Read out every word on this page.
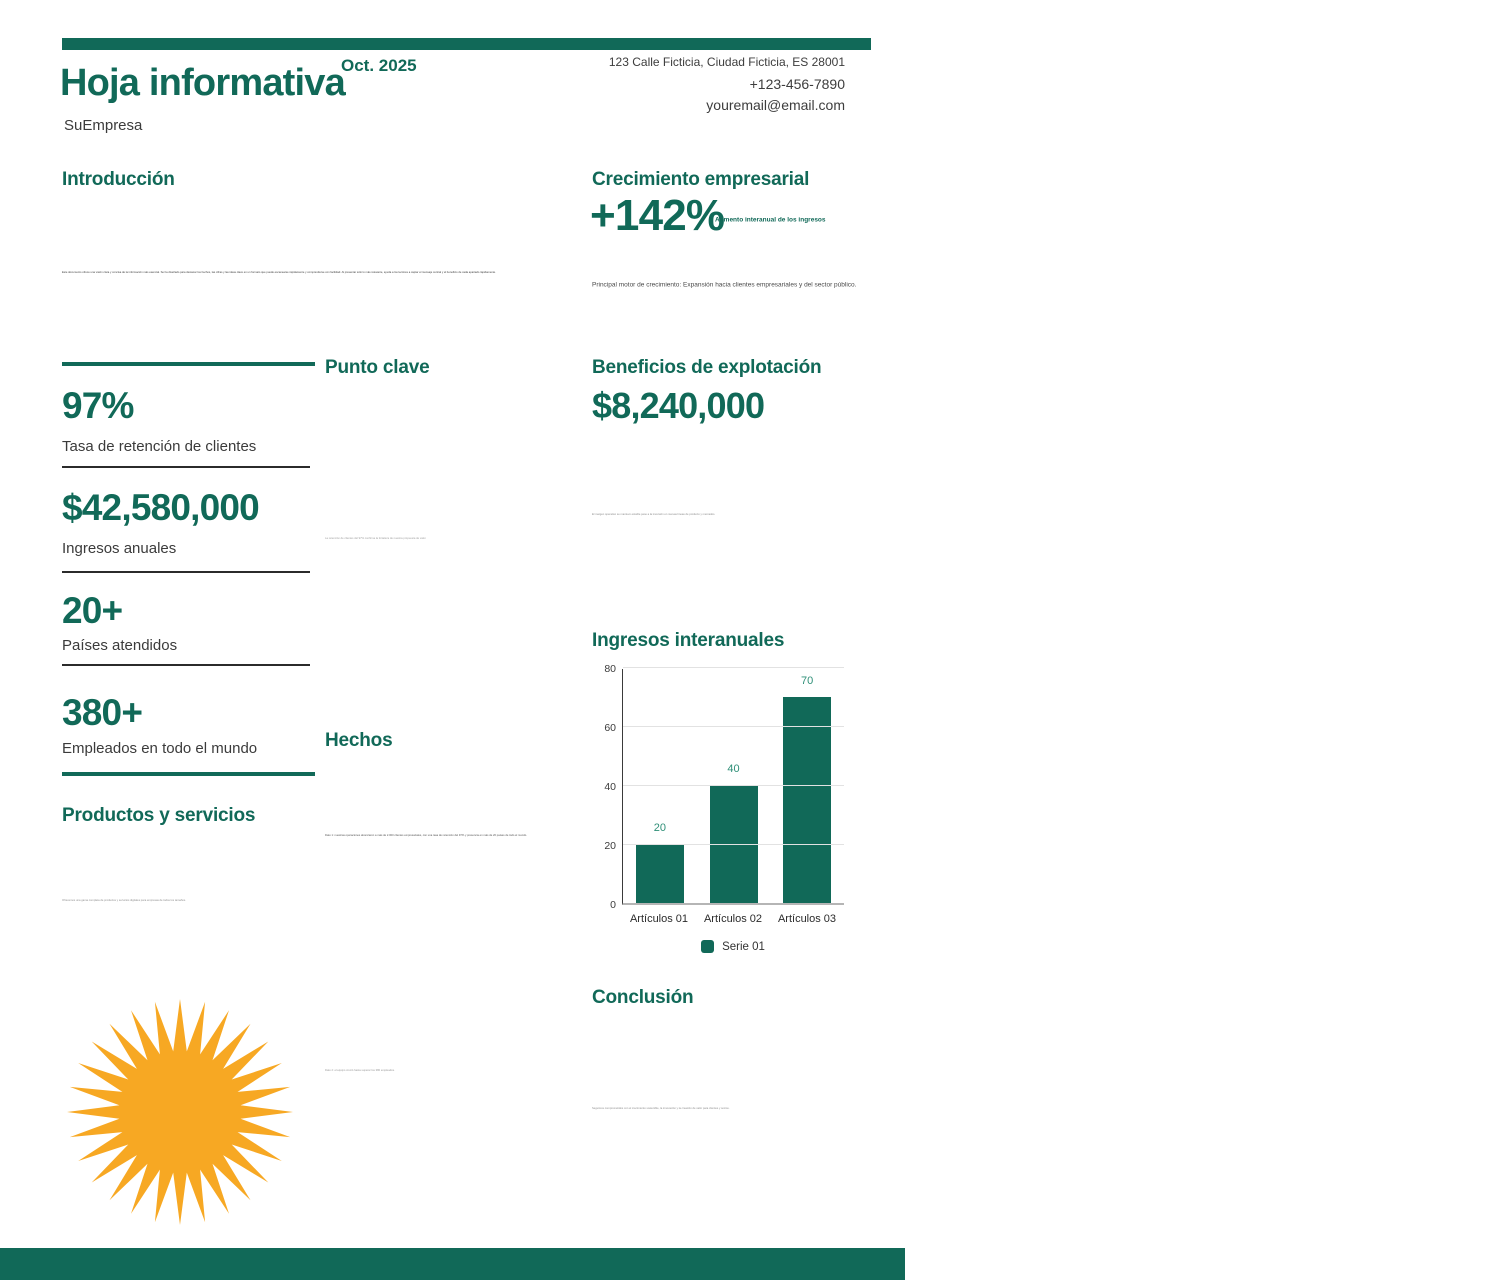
Oct. 2025
Hoja informativa	123 Calle Ficticia, Ciudad Ficticia, ES 28001
+123-456-7890
youremail@email.com
SuEmpresa
Introducción
Este documento ofrece una visión clara y concisa de la información más esencial. Se ha diseñado para destacar los hechos, las cifras y las ideas clave en un formato que puede escanearse rápidamente y comprenderse con facilidad. Al presentar sólo lo más relevante, ayuda a los lectores a captar el mensaje central y el beneficio de cada apartado rápidamente.
Crecimiento empresarial
+142%
Aumento interanual de los ingresos
Principal motor de crecimiento: Expansión hacia clientes empresariales y del sector público.
97%
Tasa de retención de clientes
$42,580,000
Ingresos anuales
20+
Países atendidos
380+
Empleados en todo el mundo
Punto clave
La retención de clientes del 97% confirma la fortaleza de nuestra propuesta de valor.
Beneficios de explotación
$8,240,000
El margen operativo se mantuvo estable pese a la inversión en nuevas líneas de producto y mercados.
Hechos
Dato 1: nuestras operaciones alcanzaron a más de 2.000 clientes empresariales, con una tasa de retención del 97% y presencia en más de 20 países de todo el mundo.
Dato 2: el equipo creció hasta superar los 380 empleados.
Productos y servicios
Ofrecemos una gama completa de productos y servicios digitales para empresas de todos los tamaños.
Ingresos interanuales
0
20
40
60
80
20
40
70
Artículos 01	Artículos 02	Artículos 03
Serie 01
Conclusión
Seguimos comprometidos con el crecimiento sostenible, la innovación y la creación de valor para clientes y socios.
